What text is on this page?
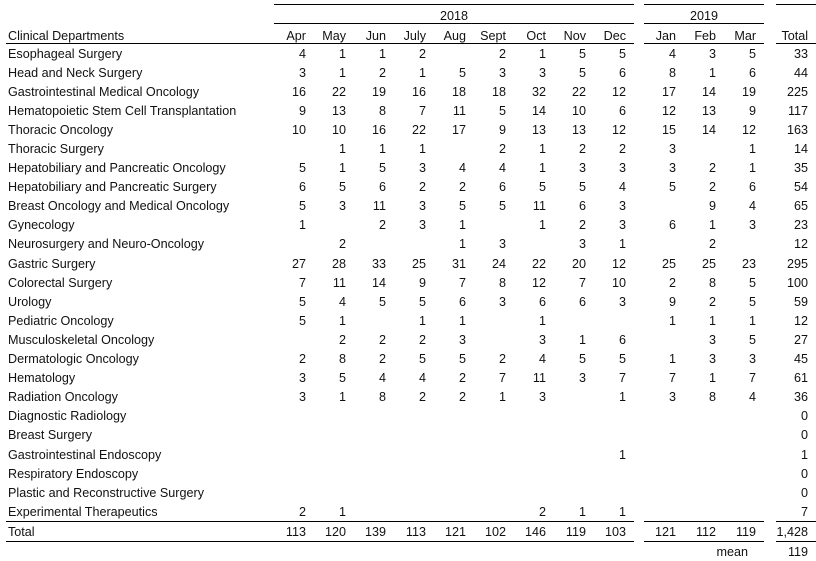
Clinical Departments	2018										2019				
	Apr	May	Jun	July	Aug	Sept	Oct	Nov	Dec		Jan	Feb	Mar		Total
Esophageal Surgery	4	1	1	2		2	1	5	5		4	3	5		33
Head and Neck Surgery	3	1	2	1	5	3	3	5	6		8	1	6		44
Gastrointestinal Medical Oncology	16	22	19	16	18	18	32	22	12		17	14	19		225
Hematopoietic Stem Cell Transplantation	9	13	8	7	11	5	14	10	6		12	13	9		117
Thoracic Oncology	10	10	16	22	17	9	13	13	12		15	14	12		163
Thoracic Surgery		1	1	1		2	1	2	2		3		1		14
Hepatobiliary and Pancreatic Oncology	5	1	5	3	4	4	1	3	3		3	2	1		35
Hepatobiliary and Pancreatic Surgery	6	5	6	2	2	6	5	5	4		5	2	6		54
Breast Oncology and Medical Oncology	5	3	11	3	5	5	11	6	3			9	4		65
Gynecology	1		2	3	1		1	2	3		6	1	3		23
Neurosurgery and Neuro-Oncology		2			1	3		3	1			2			12
Gastric Surgery	27	28	33	25	31	24	22	20	12		25	25	23		295
Colorectal Surgery	7	11	14	9	7	8	12	7	10		2	8	5		100
Urology	5	4	5	5	6	3	6	6	3		9	2	5		59
Pediatric Oncology	5	1		1	1		1				1	1	1		12
Musculoskeletal Oncology		2	2	2	3		3	1	6			3	5		27
Dermatologic Oncology	2	8	2	5	5	2	4	5	5		1	3	3		45
Hematology	3	5	4	4	2	7	11	3	7		7	1	7		61
Radiation Oncology	3	1	8	2	2	1	3		1		3	8	4		36
Diagnostic Radiology															0
Breast Surgery															0
Gastrointestinal Endoscopy									1						1
Respiratory Endoscopy															0
Plastic and Reconstructive Surgery															0
Experimental Therapeutics	2	1					2	1	1						7
Total	113	120	139	113	121	102	146	119	103		121	112	119		1,428
												mean			119
